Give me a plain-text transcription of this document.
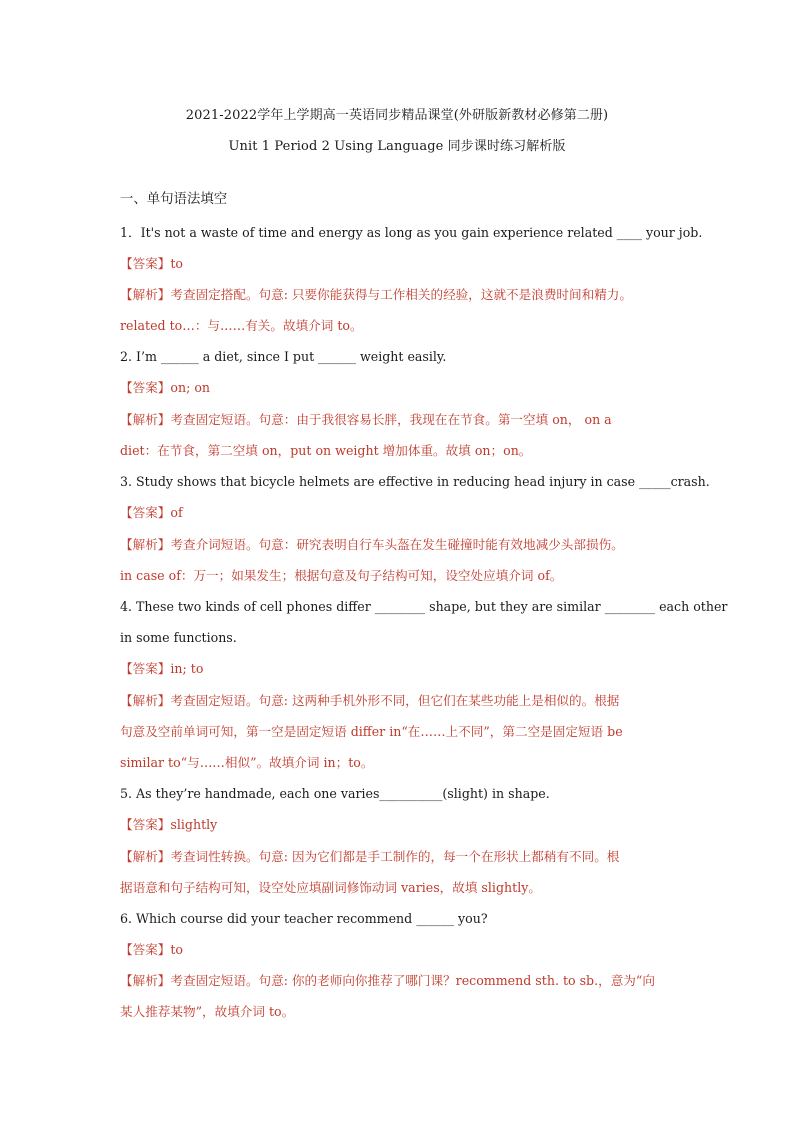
2021-2022学年上学期高一英语同步精品课堂(外研版新教材必修第二册)
Unit 1 Period 2 Using Language 同步课时练习解析版
一、单句语法填空
1．It's not a waste of time and energy as long as you gain experience related ____ your job.
【答案】to
【解析】考查固定搭配。句意: 只要你能获得与工作相关的经验，这就不是浪费时间和精力。
related to…：与……有关。故填介词 to。
2. I’m ______ a diet, since I put ______ weight easily.
【答案】on; on
【解析】考查固定短语。句意：由于我很容易长胖，我现在在节食。第一空填 on， on a
diet：在节食，第二空填 on，put on weight 增加体重。故填 on；on。
3. Study shows that bicycle helmets are effective in reducing head injury in case _____crash.
【答案】of
【解析】考查介词短语。句意：研究表明自行车头盔在发生碰撞时能有效地减少头部损伤。
in case of：万一；如果发生；根据句意及句子结构可知，设空处应填介词 of。
4. These two kinds of cell phones differ ________ shape, but they are similar ________ each other
in some functions.
【答案】in; to
【解析】考查固定短语。句意: 这两种手机外形不同，但它们在某些功能上是相似的。根据
句意及空前单词可知，第一空是固定短语 differ in“在……上不同”，第二空是固定短语 be
similar to“与……相似”。故填介词 in；to。
5. As they’re handmade, each one varies__________(slight) in shape.
【答案】slightly
【解析】考查词性转换。句意: 因为它们都是手工制作的，每一个在形状上都稍有不同。根
据语意和句子结构可知，设空处应填副词修饰动词 varies，故填 slightly。
6. Which course did your teacher recommend ______ you?
【答案】to
【解析】考查固定短语。句意: 你的老师向你推荐了哪门课？recommend sth. to sb.，意为“向
某人推荐某物”，故填介词 to。
